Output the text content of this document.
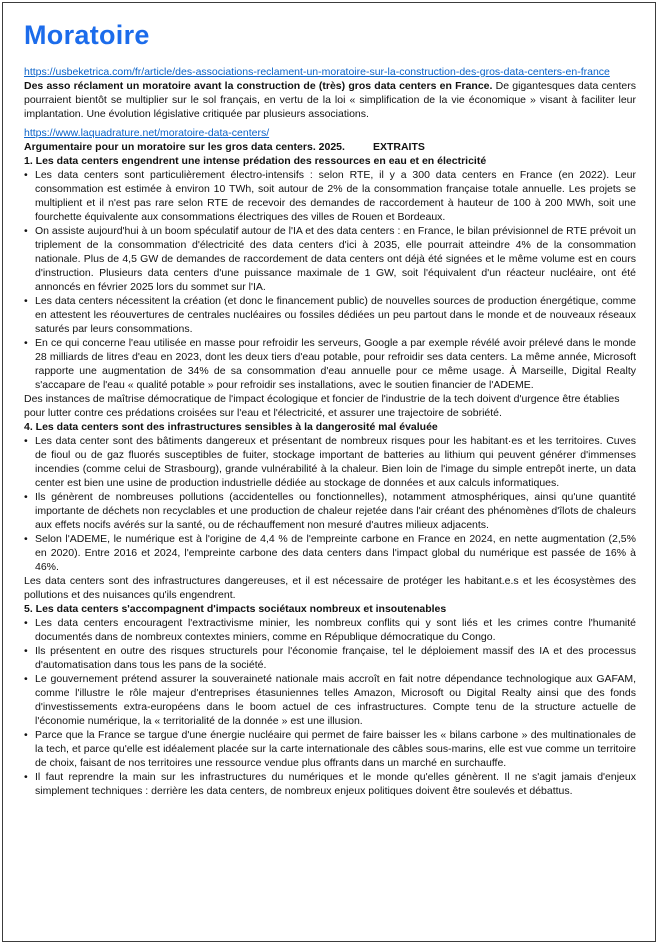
Moratoire

https://usbeketrica.com/fr/article/des-associations-reclament-un-moratoire-sur-la-construction-des-gros-data-centers-en-france

Des asso réclament un moratoire avant la construction de (très) gros data centers en France. De gigantesques data centers pourraient bientôt se multiplier sur le sol français, en vertu de la loi « simplification de la vie économique » visant à faciliter leur implantation. Une évolution législative critiquée par plusieurs associations.

https://www.laquadrature.net/moratoire-data-centers/

Argumentaire pour un moratoire sur les gros data centers. 2025.	EXTRAITS

1. Les data centers engendrent une intense prédation des ressources en eau et en électricité

• Les data centers sont particulièrement électro-intensifs : selon RTE, il y a 300 data centers en France (en 2022). Leur consommation est estimée à environ 10 TWh, soit autour de 2% de la consommation française totale annuelle. Les projets se multiplient et il n'est pas rare selon RTE de recevoir des demandes de raccordement à hauteur de 100 à 200 MWh, soit une fourchette équivalente aux consommations électriques des villes de Rouen et Bordeaux.
• On assiste aujourd'hui à un boom spéculatif autour de l'IA et des data centers : en France, le bilan prévisionnel de RTE prévoit un triplement de la consommation d'électricité des data centers d'ici à 2035, elle pourrait atteindre 4% de la consommation nationale. Plus de 4,5 GW de demandes de raccordement de data centers ont déjà été signées et le même volume est en cours d'instruction. Plusieurs data centers d'une puissance maximale de 1 GW, soit l'équivalent d'un réacteur nucléaire, ont été annoncés en février 2025 lors du sommet sur l'IA.
• Les data centers nécessitent la création (et donc le financement public) de nouvelles sources de production énergétique, comme en attestent les réouvertures de centrales nucléaires ou fossiles dédiées un peu partout dans le monde et de nouveaux réseaux saturés par leurs consommations.
• En ce qui concerne l'eau utilisée en masse pour refroidir les serveurs, Google a par exemple révélé avoir prélevé dans le monde 28 milliards de litres d'eau en 2023, dont les deux tiers d'eau potable, pour refroidir ses data centers. La même année, Microsoft rapporte une augmentation de 34% de sa consommation d'eau annuelle pour ce même usage. À Marseille, Digital Realty s'accapare de l'eau « qualité potable » pour refroidir ses installations, avec le soutien financier de l'ADEME.

Des instances de maîtrise démocratique de l'impact écologique et foncier de l'industrie de la tech doivent d'urgence être établies pour lutter contre ces prédations croisées sur l'eau et l'électricité, et assurer une trajectoire de sobriété.

4. Les data centers sont des infrastructures sensibles à la dangerosité mal évaluée

• Les data center sont des bâtiments dangereux et présentant de nombreux risques pour les habitant·es et les territoires. Cuves de fioul ou de gaz fluorés susceptibles de fuiter, stockage important de batteries au lithium qui peuvent générer d'immenses incendies (comme celui de Strasbourg), grande vulnérabilité à la chaleur. Bien loin de l'image du simple entrepôt inerte, un data center est bien une usine de production industrielle dédiée au stockage de données et aux calculs informatiques.
• Ils génèrent de nombreuses pollutions (accidentelles ou fonctionnelles), notamment atmosphériques, ainsi qu'une quantité importante de déchets non recyclables et une production de chaleur rejetée dans l'air créant des phénomènes d'îlots de chaleurs aux effets nocifs avérés sur la santé, ou de réchauffement non mesuré d'autres milieux adjacents.
• Selon l'ADEME, le numérique est à l'origine de 4,4 % de l'empreinte carbone en France en 2024, en nette augmentation (2,5% en 2020). Entre 2016 et 2024, l'empreinte carbone des data centers dans l'impact global du numérique est passée de 16% à 46%.

Les data centers sont des infrastructures dangereuses, et il est nécessaire de protéger les habitant.e.s et les écosystèmes des pollutions et des nuisances qu'ils engendrent.

5. Les data centers s'accompagnent d'impacts sociétaux nombreux et insoutenables

• Les data centers encouragent l'extractivisme minier, les nombreux conflits qui y sont liés et les crimes contre l'humanité documentés dans de nombreux contextes miniers, comme en République démocratique du Congo.
• Ils présentent en outre des risques structurels pour l'économie française, tel le déploiement massif des IA et des processus d'automatisation dans tous les pans de la société.
• Le gouvernement prétend assurer la souveraineté nationale mais accroît en fait notre dépendance technologique aux GAFAM, comme l'illustre le rôle majeur d'entreprises étasuniennes telles Amazon, Microsoft ou Digital Realty ainsi que des fonds d'investissements extra-européens dans le boom actuel de ces infrastructures. Compte tenu de la structure actuelle de l'économie numérique, la « territorialité de la donnée » est une illusion.
• Parce que la France se targue d'une énergie nucléaire qui permet de faire baisser les « bilans carbone » des multinationales de la tech, et parce qu'elle est idéalement placée sur la carte internationale des câbles sous-marins, elle est vue comme un territoire de choix, faisant de nos territoires une ressource vendue plus offrants dans un marché en surchauffe.
• Il faut reprendre la main sur les infrastructures du numériques et le monde qu'elles génèrent. Il ne s'agit jamais d'enjeux simplement techniques : derrière les data centers, de nombreux enjeux politiques doivent être soulevés et débattus.
